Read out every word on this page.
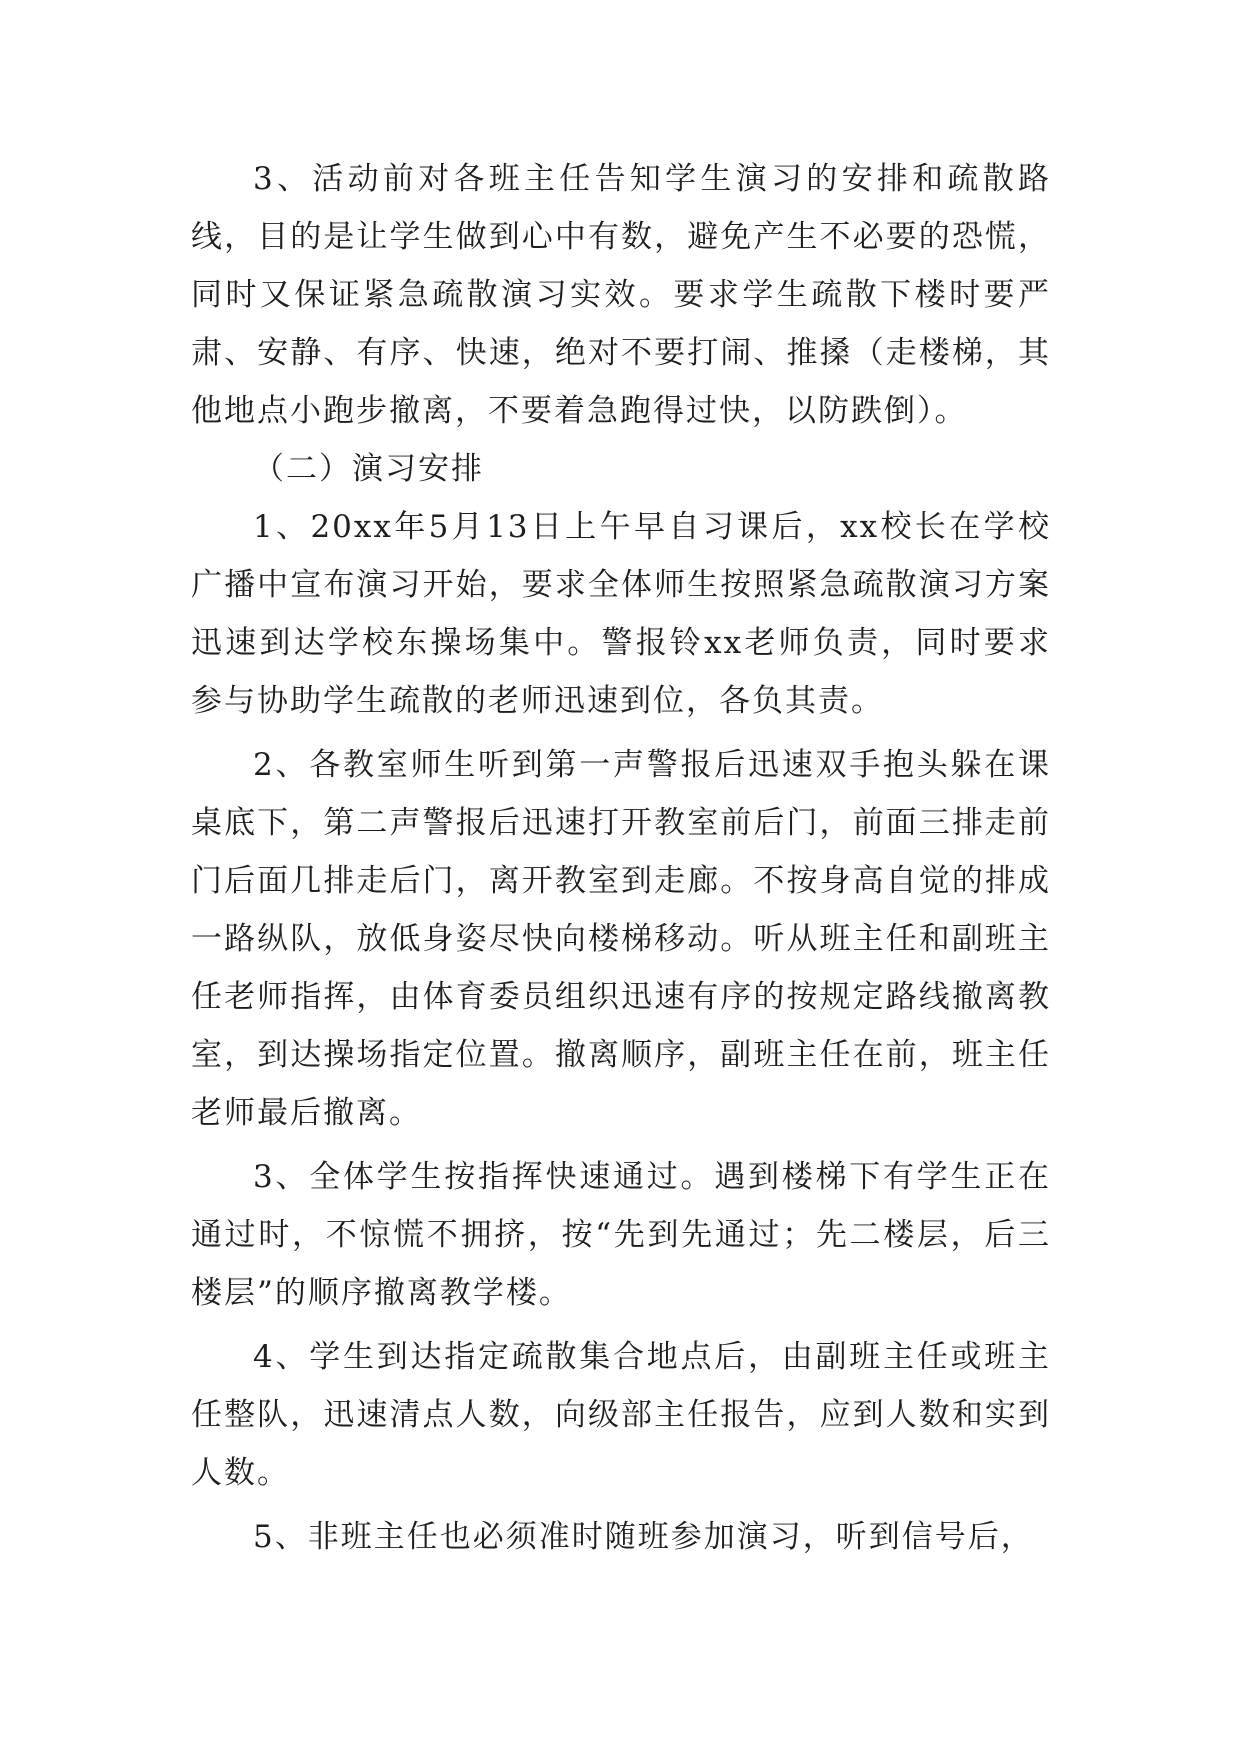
3、活动前对各班主任告知学生演习的安排和疏散路线，目的是让学生做到心中有数，避免产生不必要的恐慌，同时又保证紧急疏散演习实效。要求学生疏散下楼时要严肃、安静、有序、快速，绝对不要打闹、推搡（走楼梯，其他地点小跑步撤离，不要着急跑得过快，以防跌倒）。

（二）演习安排

1、20xx年5月13日上午早自习课后，xx校长在学校广播中宣布演习开始，要求全体师生按照紧急疏散演习方案迅速到达学校东操场集中。警报铃xx老师负责，同时要求参与协助学生疏散的老师迅速到位，各负其责。

2、各教室师生听到第一声警报后迅速双手抱头躲在课桌底下，第二声警报后迅速打开教室前后门，前面三排走前门后面几排走后门，离开教室到走廊。不按身高自觉的排成一路纵队，放低身姿尽快向楼梯移动。听从班主任和副班主任老师指挥，由体育委员组织迅速有序的按规定路线撤离教室，到达操场指定位置。撤离顺序，副班主任在前，班主任老师最后撤离。

3、全体学生按指挥快速通过。遇到楼梯下有学生正在通过时，不惊慌不拥挤，按“先到先通过；先二楼层，后三楼层”的顺序撤离教学楼。

4、学生到达指定疏散集合地点后，由副班主任或班主任整队，迅速清点人数，向级部主任报告，应到人数和实到人数。

5、非班主任也必须准时随班参加演习，听到信号后，
